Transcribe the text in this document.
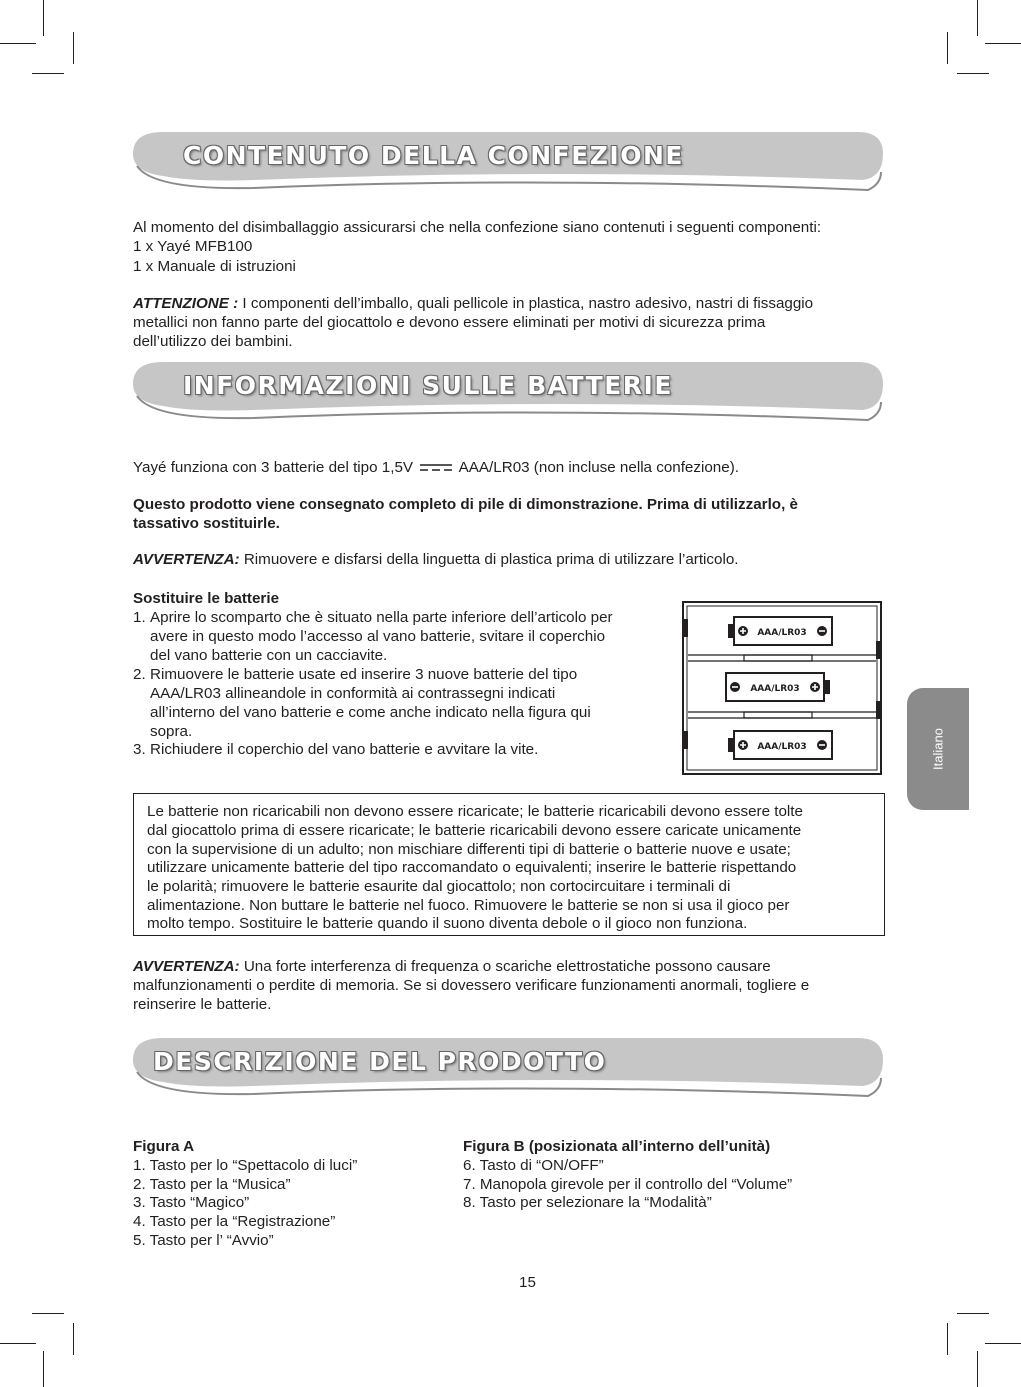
CONTENUTO DELLA CONFEZIONE
Al momento del disimballaggio assicurarsi che nella confezione siano contenuti i seguenti componenti:
1 x Yayé MFB100
1 x Manuale di istruzioni
ATTENZIONE : I componenti dell’imballo, quali pellicole in plastica, nastro adesivo, nastri di fissaggio
metallici non fanno parte del giocattolo e devono essere eliminati per motivi di sicurezza prima
dell’utilizzo dei bambini.
INFORMAZIONI SULLE BATTERIE
Yayé funziona con 3 batterie del tipo 1,5V	AAA/LR03 (non incluse nella confezione).
Questo prodotto viene consegnato completo di pile di dimonstrazione. Prima di utilizzarlo, è
tassativo sostituirle.
AVVERTENZA: Rimuovere e disfarsi della linguetta di plastica prima di utilizzare l’articolo.
Sostituire le batterie
1. Aprire lo scomparto che è situato nella parte inferiore dell’articolo per
avere in questo modo l’accesso al vano batterie, svitare il coperchio
del vano batterie con un cacciavite.
2. Rimuovere le batterie usate ed inserire 3 nuove batterie del tipo
AAA/LR03 allineandole in conformità ai contrassegni indicati
all’interno del vano batterie e come anche indicato nella figura qui
sopra.
3. Richiudere il coperchio del vano batterie e avvitare la vite.
AAA/LR03
AAA/LR03
AAA/LR03
Le batterie non ricaricabili non devono essere ricaricate; le batterie ricaricabili devono essere tolte
dal giocattolo prima di essere ricaricate; le batterie ricaricabili devono essere caricate unicamente
con la supervisione di un adulto; non mischiare differenti tipi di batterie o batterie nuove e usate;
utilizzare unicamente batterie del tipo raccomandato o equivalenti; inserire le batterie rispettando
le polarità; rimuovere le batterie esaurite dal giocattolo; non cortocircuitare i terminali di
alimentazione. Non buttare le batterie nel fuoco. Rimuovere le batterie se non si usa il gioco per
molto tempo. Sostituire le batterie quando il suono diventa debole o il gioco non funziona.
AVVERTENZA: Una forte interferenza di frequenza o scariche elettrostatiche possono causare
malfunzionamenti o perdite di memoria. Se si dovessero verificare funzionamenti anormali, togliere e
reinserire le batterie.
DESCRIZIONE DEL PRODOTTO
Figura A
1. Tasto per lo “Spettacolo di luci”
2. Tasto per la “Musica”
3. Tasto “Magico”
4. Tasto per la “Registrazione”
5. Tasto per l’ “Avvio”
Figura B (posizionata all’interno dell’unità)
6. Tasto di “ON/OFF”
7. Manopola girevole per il controllo del “Volume”
8. Tasto per selezionare la “Modalità”
15
Italiano
